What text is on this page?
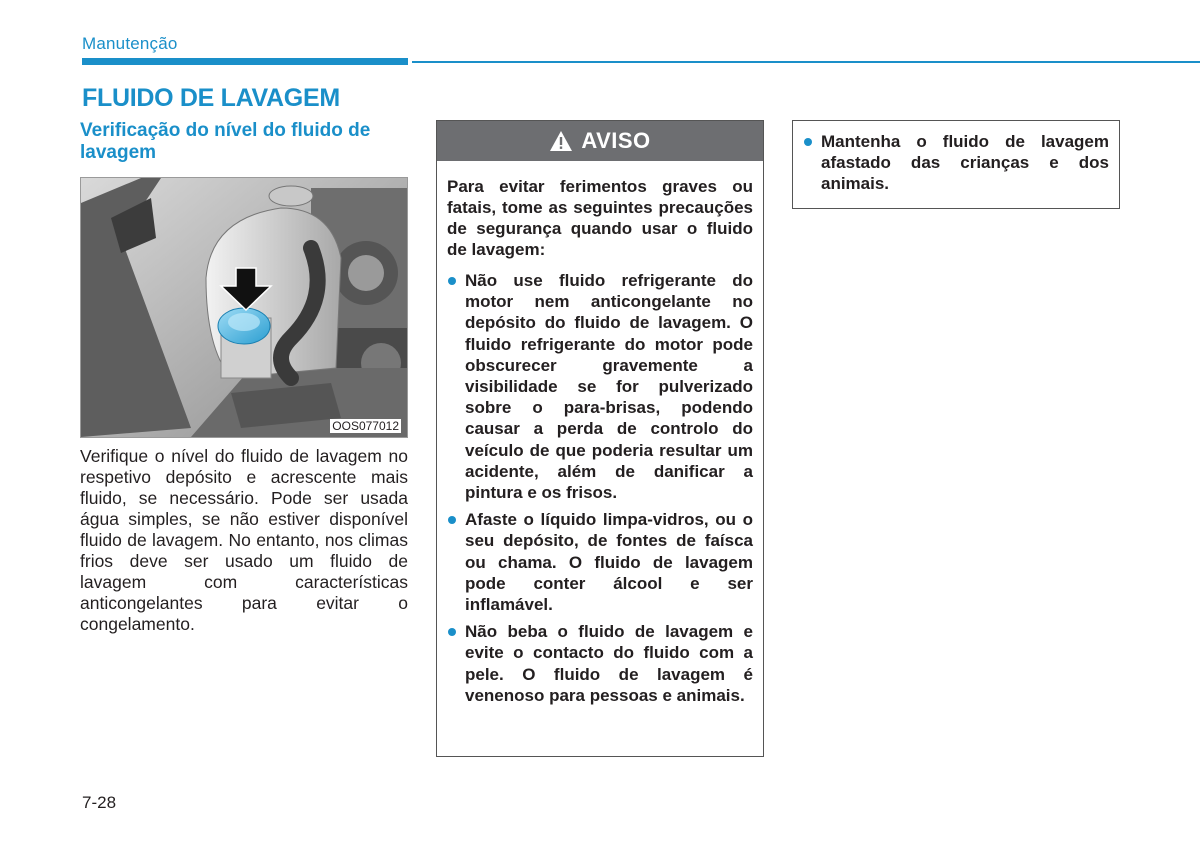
Manutenção
FLUIDO DE LAVAGEM
Verificação do nível do fluido de lavagem
OOS077012

Verifique o nível do fluido de lavagem no respetivo depósito e acrescente mais fluido, se necessário. Pode ser usada água simples, se não estiver disponível fluido de lavagem. No entanto, nos climas frios deve ser usado um fluido de lavagem com características anticongelantes para evitar o congelamento.

AVISO

Para evitar ferimentos graves ou fatais, tome as seguintes precauções de segurança quando usar o fluido de lavagem:

Não use fluido refrigerante do motor nem anticongelante no depósito do fluido de lavagem. O fluido refrigerante do motor pode obscurecer gravemente a visibilidade se for pulverizado sobre o para-brisas, podendo causar a perda de controlo do veículo de que poderia resultar um acidente, além de danificar a pintura e os frisos.
Afaste o líquido limpa-vidros, ou o seu depósito, de fontes de faísca ou chama. O fluido de lavagem pode conter álcool e ser inflamável.
Não beba o fluido de lavagem e evite o contacto do fluido com a pele. O fluido de lavagem é venenoso para pessoas e animais.
Mantenha o fluido de lavagem afastado das crianças e dos animais.
7-28
